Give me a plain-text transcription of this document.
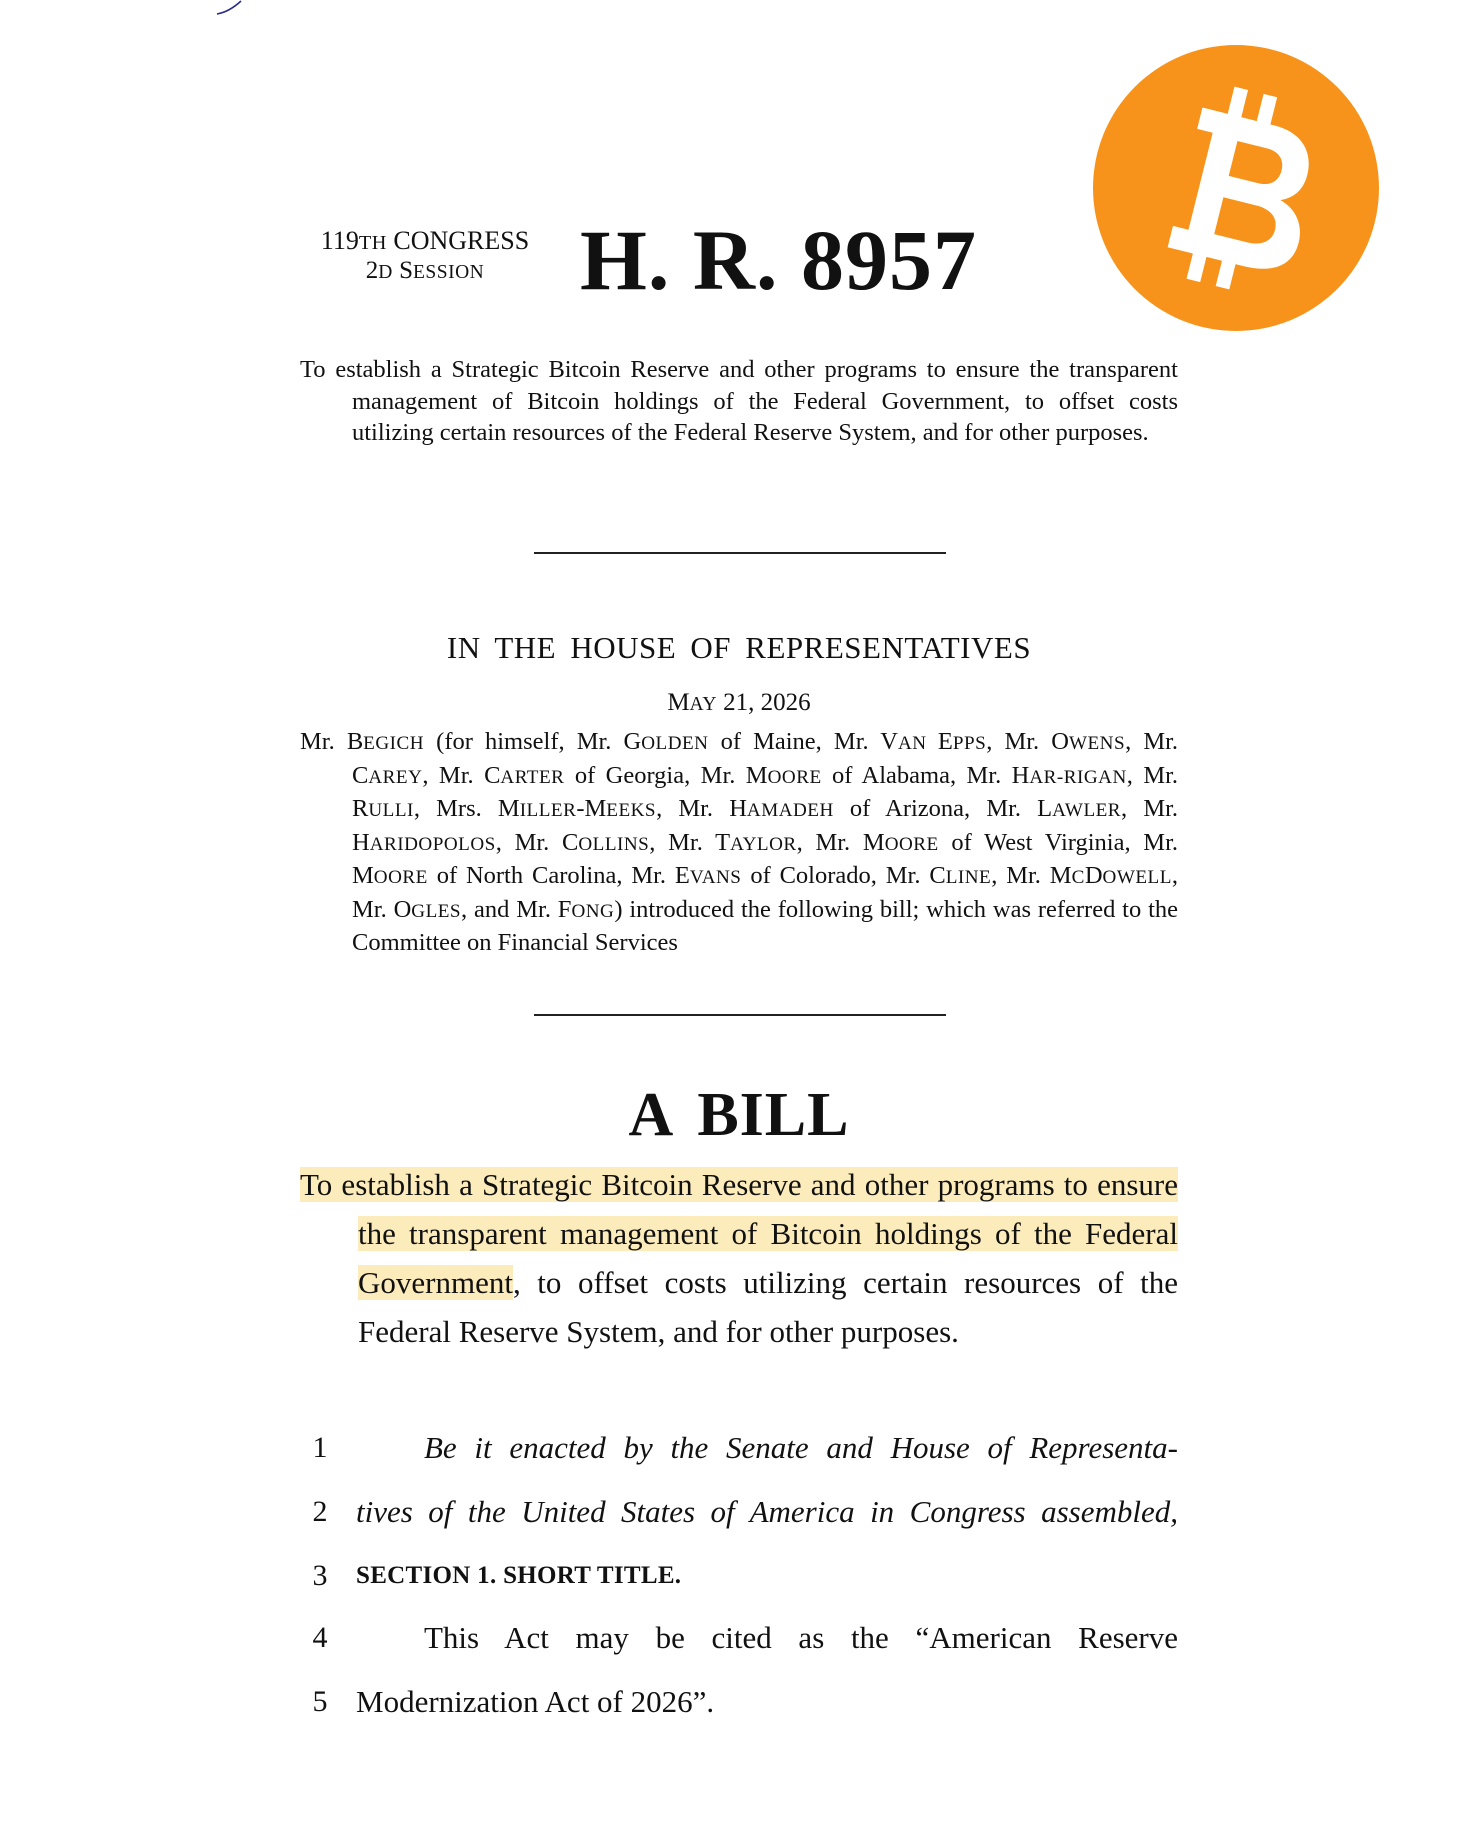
119TH CONGRESS
2D SESSION	H. R. 8957
To establish a Strategic Bitcoin Reserve and other programs to ensure the transparent management of Bitcoin holdings of the Federal Government, to offset costs utilizing certain resources of the Federal Reserve System, and for other purposes.
IN THE HOUSE OF REPRESENTATIVES
MAY 21, 2026
Mr. BEGICH (for himself, Mr. GOLDEN of Maine, Mr. VAN EPPS, Mr. OWENS, Mr. CAREY, Mr. CARTER of Georgia, Mr. MOORE of Alabama, Mr. HAR-RIGAN, Mr. RULLI, Mrs. MILLER-MEEKS, Mr. HAMADEH of Arizona, Mr. LAWLER, Mr. HARIDOPOLOS, Mr. COLLINS, Mr. TAYLOR, Mr. MOORE of West Virginia, Mr. MOORE of North Carolina, Mr. EVANS of Colorado, Mr. CLINE, Mr. MCDOWELL, Mr. OGLES, and Mr. FONG) introduced the following bill; which was referred to the Committee on Financial Services
A BILL
To establish a Strategic Bitcoin Reserve and other programs to ensure the transparent management of Bitcoin holdings of the Federal Government, to offset costs utilizing certain resources of the Federal Reserve System, and for other purposes.
1	Be it enacted by the Senate and House of Representa-
2 tives of the United States of America in Congress assembled,
3	SECTION 1. SHORT TITLE.
4	This Act may be cited as the “American Reserve
5 Modernization Act of 2026”.
